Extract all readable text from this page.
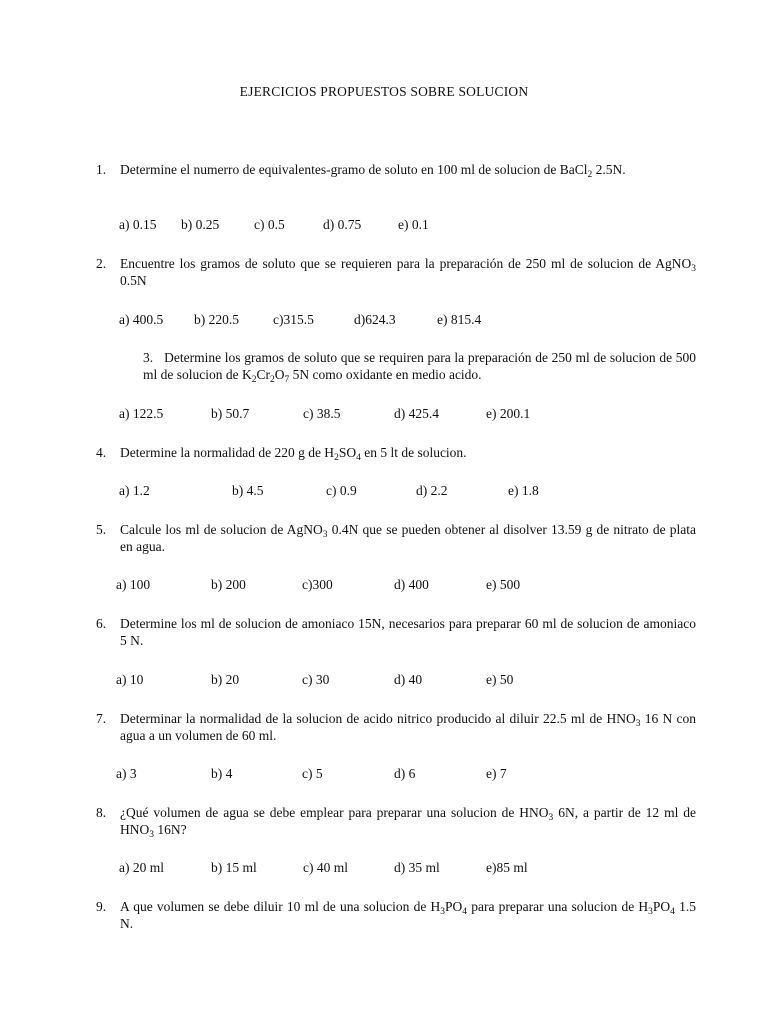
EJERCICIOS PROPUESTOS SOBRE SOLUCION
1.	Determine el numerro de equivalentes-gramo de soluto en 100 ml de solucion de BaCl$_2$ 2.5N.
a) 0.15 b) 0.25	c) 0.5	d) 0.75	e) 0.1
2.	Encuentre los gramos de soluto que se requieren para la preparación de 250 ml de solucion de AgNO$_3$ 0.5N
a) 400.5 b) 220.5	c)315.5	d)624.3	e) 815.4
3. Determine los gramos de soluto que se requiren para la preparación de 250 ml de solucion de 500 ml de solucion de $K_2Cr_2O_7$ 5N como oxidante en medio acido.
a) 122.5	b) 50.7	c) 38.5	d) 425.4	e) 200.1
4.	Determine la normalidad de 220 g de $H_2SO_4$ en 5 lt de solucion.
a) 1.2	b) 4.5	c) 0.9	d) 2.2	e) 1.8
5.	Calcule los ml de solucion de AgNO$_3$ 0.4N que se pueden obtener al disolver 13.59 g de nitrato de plata en agua.
a) 100	b) 200	c)300	d) 400	e) 500
6.	Determine los ml de solucion de amoniaco 15N, necesarios para preparar 60 ml de solucion de amoniaco 5 N.
a) 10	b) 20	c) 30	d) 40	e) 50
7.	Determinar la normalidad de la solucion de acido nitrico producido al diluir 22.5 ml de $HNO_3$ 16 N con agua a un volumen de 60 ml.
a) 3	b) 4	c) 5	d) 6	e) 7
8.	¿Qué volumen de agua se debe emplear para preparar una solucion de $HNO_3$ 6N, a partir de 12 ml de $HNO_3$ 16N?
a) 20 ml	b) 15 ml	c) 40 ml	d) 35 ml	e)85 ml
9.	A que volumen se debe diluir 10 ml de una solucion de $H_3PO_4$ para preparar una solucion de $H_3PO_4$ 1.5 N.
